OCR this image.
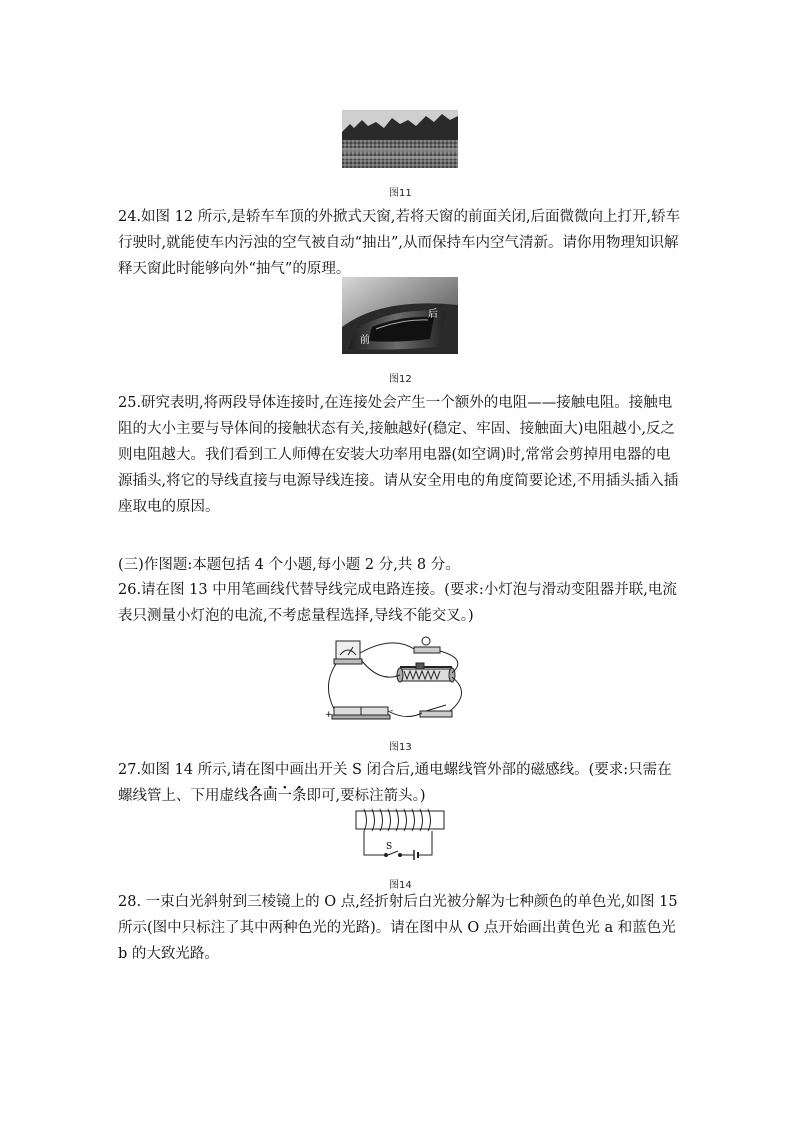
图11

24.如图 12 所示,是轿车车顶的外掀式天窗,若将天窗的前面关闭,后面微微向上打开,轿车行驶时,就能使车内污浊的空气被自动“抽出”,从而保持车内空气清新。请你用物理知识解释天窗此时能够向外“抽气”的原理。

后
前
图12

25.研究表明,将两段导体连接时,在连接处会产生一个额外的电阻——接触电阻。接触电阻的大小主要与导体间的接触状态有关,接触越好(稳定、牢固、接触面大)电阻越小,反之则电阻越大。我们看到工人师傅在安装大功率用电器(如空调)时,常常会剪掉用电器的电源插头,将它的导线直接与电源导线连接。请从安全用电的角度简要论述,不用插头插入插座取电的原因。

(三)作图题:本题包括 4 个小题,每小题 2 分,共 8 分。

26.请在图 13 中用笔画线代替导线完成电路连接。(要求:小灯泡与滑动变阻器并联,电流表只测量小灯泡的电流,不考虑量程选择,导线不能交叉。)

+	-
图13

27.如图 14 所示,请在图中画出开关 S 闭合后,通电螺线管外部的磁感线。(要求:只需在螺线管上、下用虚线各画一条即可,要标注箭头。)

S
图14

28. 一束白光斜射到三棱镜上的 O 点,经折射后白光被分解为七种颜色的单色光,如图 15 所示(图中只标注了其中两种色光的光路)。请在图中从 O 点开始画出黄色光 a 和蓝色光 b 的大致光路。
